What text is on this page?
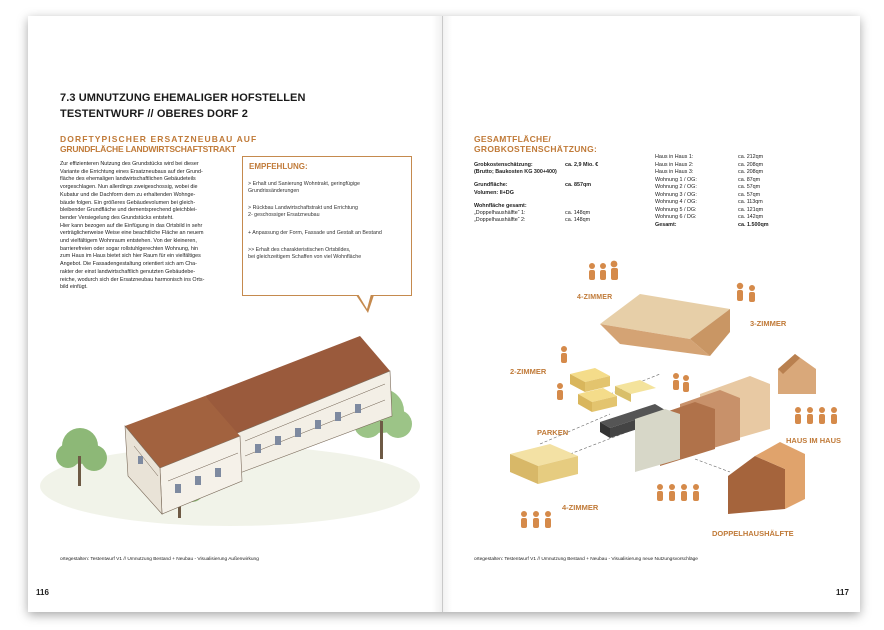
7.3 UMNUTZUNG EHEMALIGER HOFSTELLEN
TESTENTWURF // OBERES DORF 2
DORFTYPISCHER ERSATZNEUBAU AUF
GRUNDFLÄCHE LANDWIRTSCHAFTSTRAKT
Zur effizienteren Nutzung des Grundstücks wird bei dieser
Variante die Errichtung eines Ersatzneubaus auf der Grund-
fläche des ehemaligen landwirtschaftlichen Gebäudeteils
vorgeschlagen. Nun allerdings zweigeschossig, wobei die
Kubatur und die Dachform dem zu erhaltenden Wohnge-
bäude folgen. Ein größeres Gebäudevolumen bei gleich-
bleibender Grundfläche und dementsprechend gleichblei-
bender Versiegelung des Grundstücks entsteht.
Hier kann bezogen auf die Einfügung in das Ortsbild in sehr
verträglicherweise Weise eine beachtliche Fläche an neuem
und vielfältigem Wohnraum entstehen. Von der kleineren,
barrierefreien oder sogar rollstuhlgerechten Wohnung, hin
zum Haus im Haus bietet sich hier Raum für ein vielfältiges
Angebot. Die Fassadengestaltung orientiert sich am Cha-
rakter der einst landwirtschaftlich genutzten Gebäudebe-
reiche, wodurch sich der Ersatzneubau harmonisch ins Orts-
bild einfügt.
EMPFEHLUNG:
> Erhalt und Sanierung Wohntrakt, geringfügige
Grundrissänderungen
> Rückbau Landwirtschaftstrakt und Errichtung
2- geschossiger Ersatzneubau
+ Anpassung der Form, Fassade und Gestalt an Bestand
>> Erhalt des charakteristischen Ortsbildes,
bei gleichzeitigem Schaffen von viel Wohnfläche
ortegestalten: Testentwurf V1 // Umnutzung Bestand + Neubau - Visualisierung Außenwirkung
116
GESAMTFLÄCHE/
GROBKOSTENSCHÄTZUNG:
Grobkostenschätzung:	ca. 2,9 Mio. €
(Brutto; Baukosten KG 300+400)
Grundfläche:	ca. 857qm
Volumen: II+DG
Wohnfläche gesamt:
„Doppelhaushälfte“ 1:	ca. 148qm
„Doppelhaushälfte“ 2:	ca. 148qm
Haus in Haus 1:	ca. 212qm
Haus in Haus 2:	ca. 208qm
Haus in Haus 3:	ca. 208qm
Wohnung 1 / OG:	ca. 87qm
Wohnung 2 / OG:	ca. 57qm
Wohnung 3 / OG:	ca. 57qm
Wohnung 4 / OG:	ca. 113qm
Wohnung 5 / DG:	ca. 121qm
Wohnung 6 / DG:	ca. 142qm
Gesamt:	ca. 1.500qm
4-ZIMMER
3-ZIMMER
2-ZIMMER
PARKEN
HAUS IM HAUS
4-ZIMMER
DOPPELHAUSHÄLFTE
ortegestalten: Testentwurf V1 // Umnutzung Bestand + Neubau - Visualisierung neue Nutzungsvorschläge
117
